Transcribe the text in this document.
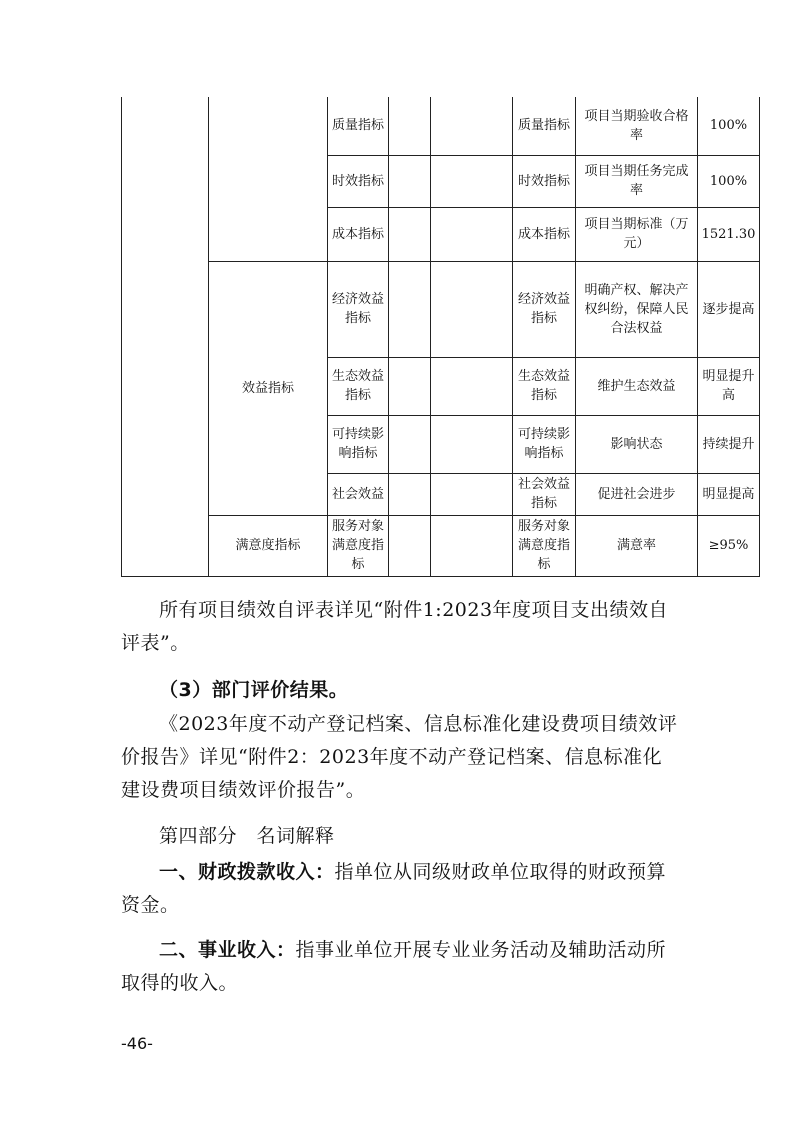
		质量指标			质量指标	项目当期验收合格率	100%
		时效指标			时效指标	项目当期任务完成率	100%
		成本指标			成本指标	项目当期标准（万元）	1521.30
	效益指标	经济效益指标			经济效益指标	明确产权、解决产权纠纷，保障人民合法权益	逐步提高
		生态效益指标			生态效益指标	维护生态效益	明显提升高
		可持续影响指标			可持续影响指标	影响状态	持续提升
		社会效益			社会效益指标	促进社会进步	明显提高
	满意度指标	服务对象满意度指标			服务对象满意度指标	满意率	≥95%

所有项目绩效自评表详见“附件1:2023年度项目支出绩效自评表”。

（3）部门评价结果。

《2023年度不动产登记档案、信息标准化建设费项目绩效评价报告》详见“附件2：2023年度不动产登记档案、信息标准化建设费项目绩效评价报告”。

第四部分　名词解释

一、财政拨款收入：指单位从同级财政单位取得的财政预算资金。

二、事业收入：指事业单位开展专业业务活动及辅助活动所取得的收入。

-46-
